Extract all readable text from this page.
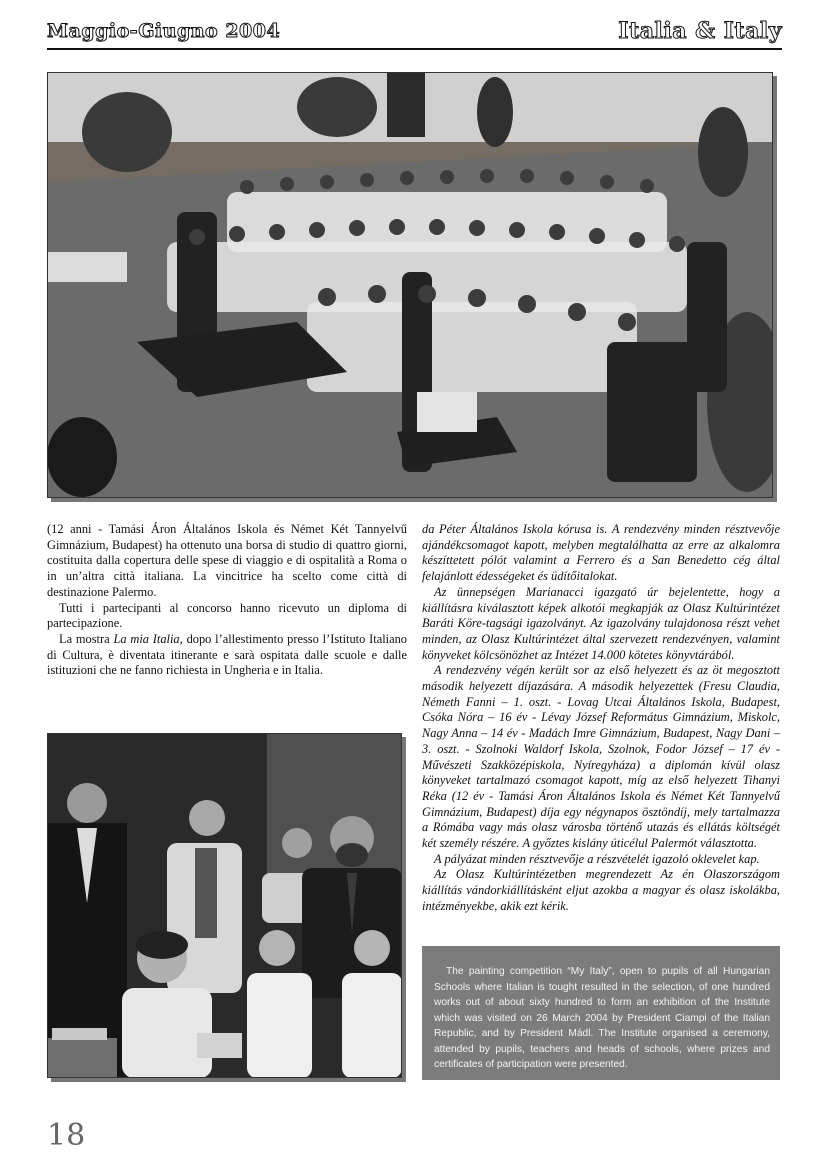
Maggio-Giugno 2004	Italia & Italy

(12 anni - Tamási Áron Általános Iskola és Német Két Tannyelvű Gimnázium, Budapest) ha ottenuto una borsa di studio di quattro giorni, costituita dalla copertura delle spese di viaggio e di ospitalità a Roma o in un’altra città italiana. La vincitrice ha scelto come città di destinazione Palermo.

Tutti i partecipanti al concorso hanno ricevuto un diploma di partecipazione.

La mostra La mia Italia, dopo l’allestimento presso l’Istituto Italiano di Cultura, è diventata itinerante e sarà ospitata dalle scuole e dalle istituzioni che ne fanno richiesta in Ungheria e in Italia.

da Péter Általános Iskola kórusa is. A rendezvény minden résztvevője ajándékcsomagot kapott, melyben megtalálhatta az erre az alkalomra készíttetett pólót valamint a Ferrero és a San Benedetto cég által felajánlott édességeket és üdítőitalokat.

Az ünnepségen Marianacci igazgató úr bejelentette, hogy a kiállításra kiválasztott képek alkotói megkapják az Olasz Kultúrintézet Baráti Köre-tagsági igazolványt. Az igazolvány tulajdonosa részt vehet minden, az Olasz Kultúrintézet által szervezett rendezvényen, valamint könyveket kölcsönözhet az Intézet 14.000 kötetes könyvtárából.

A rendezvény végén került sor az első helyezett és az öt megosztott második helyezett díjazására. A második helyezettek (Fresu Claudia, Németh Fanni – 1. oszt. - Lovag Utcai Általános Iskola, Budapest, Csóka Nóra – 16 év - Lévay József Református Gimnázium, Miskolc, Nagy Anna – 14 év - Madách Imre Gimnázium, Budapest, Nagy Dani – 3. oszt. - Szolnoki Waldorf Iskola, Szolnok, Fodor József – 17 év - Művészeti Szakközépiskola, Nyíregyháza) a diplomán kívül olasz könyveket tartalmazó csomagot kapott, míg az első helyezett Tihanyi Réka (12 év - Tamási Áron Általános Iskola és Német Két Tannyelvű Gimnázium, Budapest) díja egy négynapos ösztöndíj, mely tartalmazza a Rómába vagy más olasz városba történő utazás és ellátás költségét két személy részére. A győztes kislány úticélul Palermót választotta.

A pályázat minden résztvevője a részvételét igazoló oklevelet kap.

Az Olasz Kultúrintézetben megrendezett Az én Olaszországom kiállítás vándorkiállításként eljut azokba a magyar és olasz iskolákba, intézményekbe, akik ezt kérik.

The painting competition “My Italy”, open to pupils of all Hungarian Schools where Italian is tought resulted in the selection, of one hundred works out of about sixty hundred to form an exhibition of the Institute which was visited on 26 March 2004 by President Ciampi of the Italian Republic, and by President Mádl. The Institute organised a ceremony, attended by pupils, teachers and heads of schools, where prizes and certificates of participation were presented.

18
